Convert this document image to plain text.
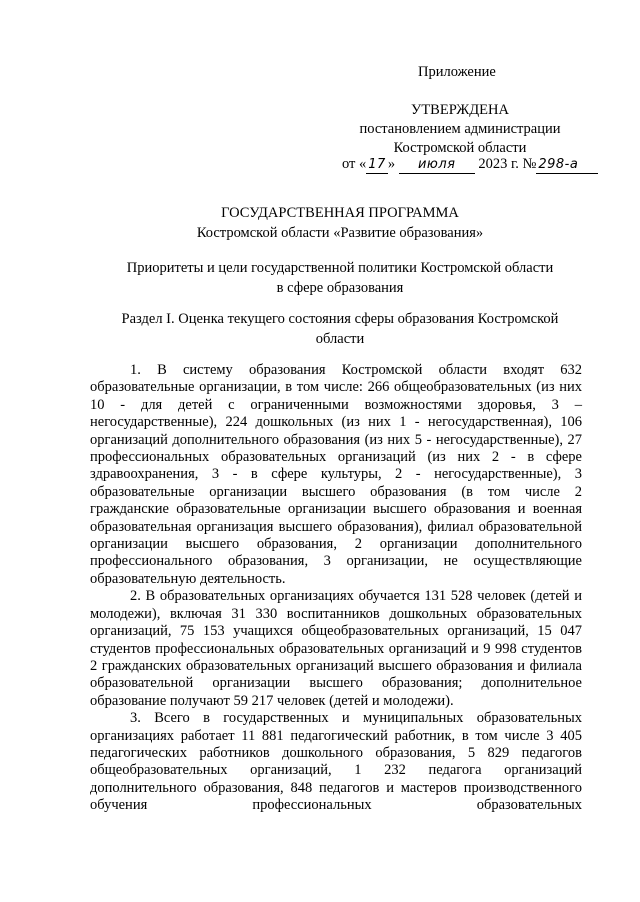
Приложение
УТВЕРЖДЕНА
постановлением администрации
Костромской области
от « 17 » июля 2023 г. № 298-а
ГОСУДАРСТВЕННАЯ ПРОГРАММА
Костромской области «Развитие образования»
Приоритеты и цели государственной политики Костромской области
в сфере образования
Раздел I. Оценка текущего состояния сферы образования Костромской
области

1. В систему образования Костромской области входят 632 образовательные организации, в том числе: 266 общеобразовательных (из них 10 - для детей с ограниченными возможностями здоровья, 3 – негосударственные), 224 дошкольных (из них 1 - негосударственная), 106 организаций дополнительного образования (из них 5 - негосударственные), 27 профессиональных образовательных организаций (из них 2 - в сфере здравоохранения, 3 - в сфере культуры, 2 - негосударственные), 3 образовательные организации высшего образования (в том числе 2 гражданские образовательные организации высшего образования и военная образовательная организация высшего образования), филиал образовательной организации высшего образования, 2 организации дополнительного профессионального образования, 3 организации, не осуществляющие образовательную деятельность.

2. В образовательных организациях обучается 131 528 человек (детей и молодежи), включая 31 330 воспитанников дошкольных образовательных организаций, 75 153 учащихся общеобразовательных организаций, 15 047 студентов профессиональных образовательных организаций и 9 998 студентов 2 гражданских образовательных организаций высшего образования и филиала образовательной организации высшего образования; дополнительное образование получают 59 217 человек (детей и молодежи).

3. Всего в государственных и муниципальных образовательных организациях работает 11 881 педагогический работник, в том числе 3 405 педагогических работников дошкольного образования, 5 829 педагогов общеобразовательных организаций, 1 232 педагога организаций дополнительного образования, 848 педагогов и мастеров производственного обучения профессиональных образовательных
